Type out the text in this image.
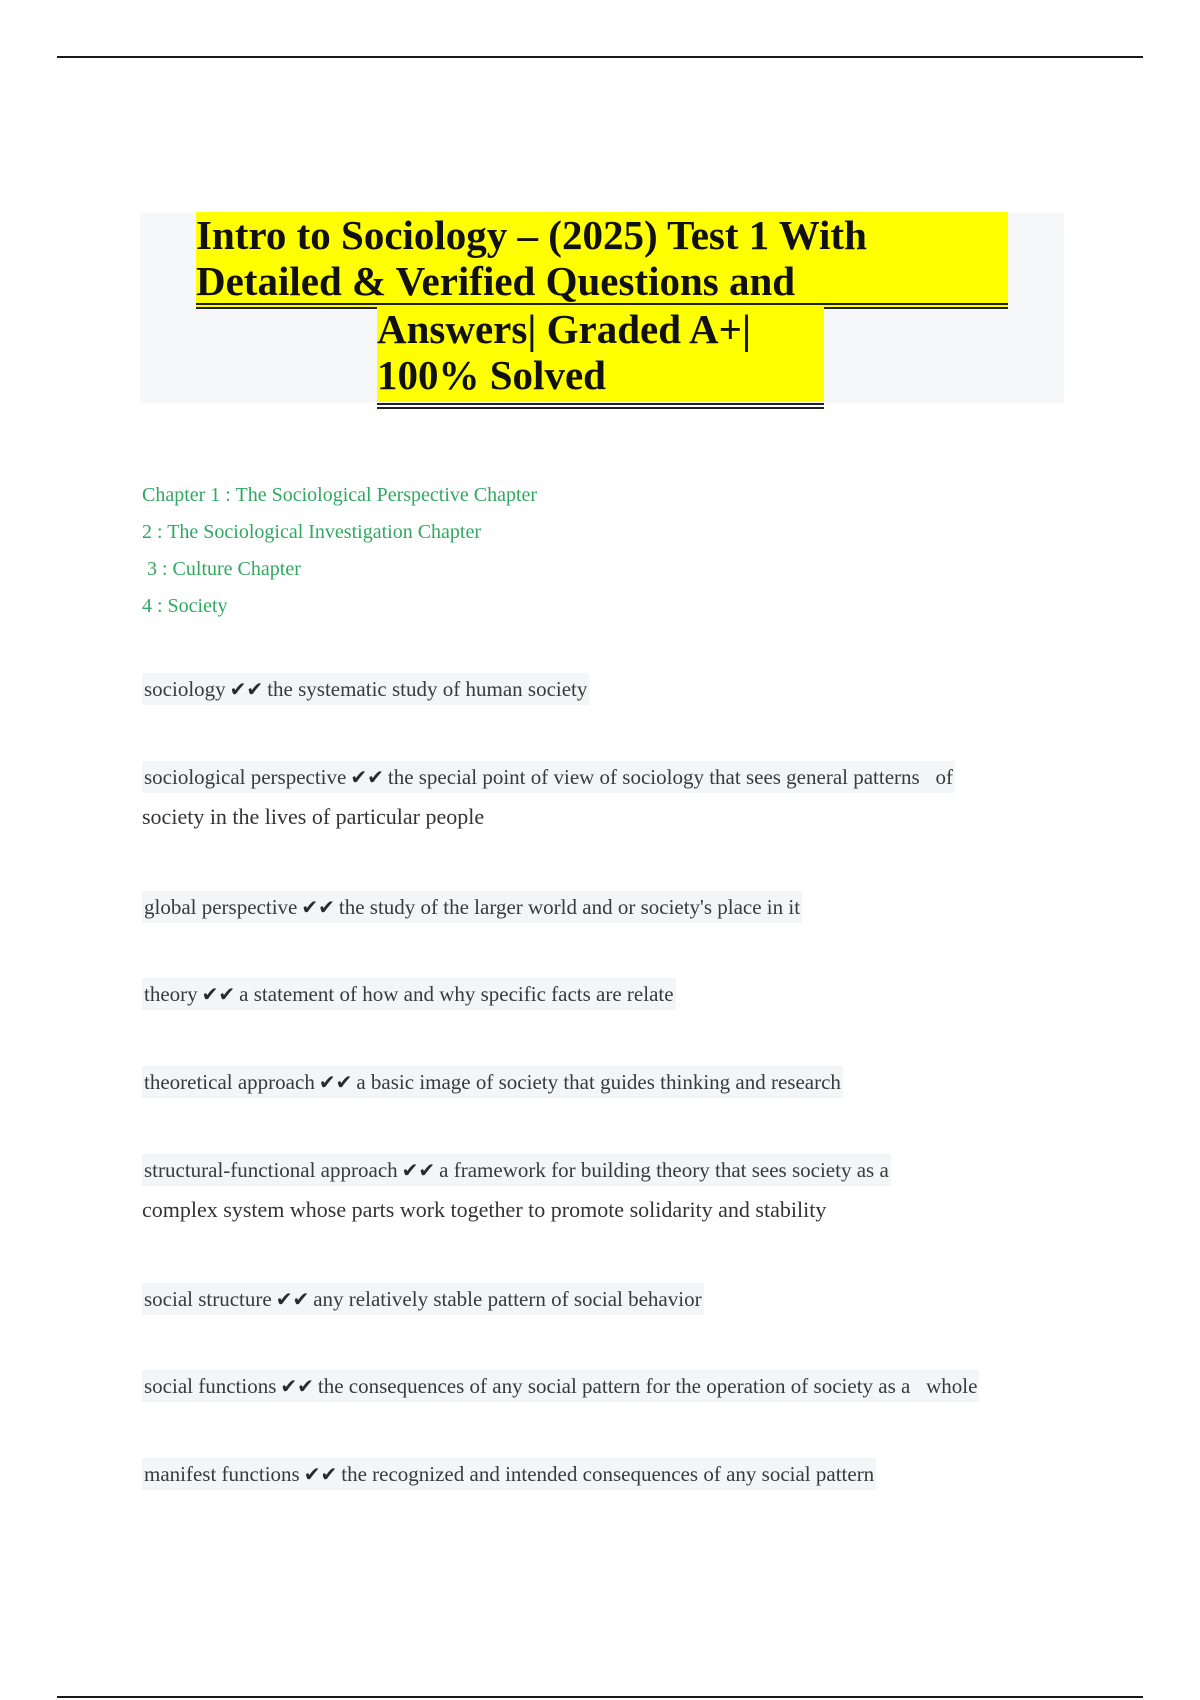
Intro to Sociology – (2025) Test 1 With
Detailed & Verified Questions and
Answers| Graded A+|
100% Solved
Chapter 1 : The Sociological Perspective Chapter
2 : The Sociological Investigation Chapter
3 : Culture Chapter
4 : Society
sociology ✔✔ the systematic study of human society
sociological perspective ✔✔ the special point of view of sociology that sees general patterns   of
society in the lives of particular people
global perspective ✔✔ the study of the larger world and or society's place in it
theory ✔✔ a statement of how and why specific facts are relate
theoretical approach ✔✔ a basic image of society that guides thinking and research
structural-functional approach ✔✔ a framework for building theory that sees society as a
complex system whose parts work together to promote solidarity and stability
social structure ✔✔ any relatively stable pattern of social behavior
social functions ✔✔ the consequences of any social pattern for the operation of society as a   whole
manifest functions ✔✔ the recognized and intended consequences of any social pattern
